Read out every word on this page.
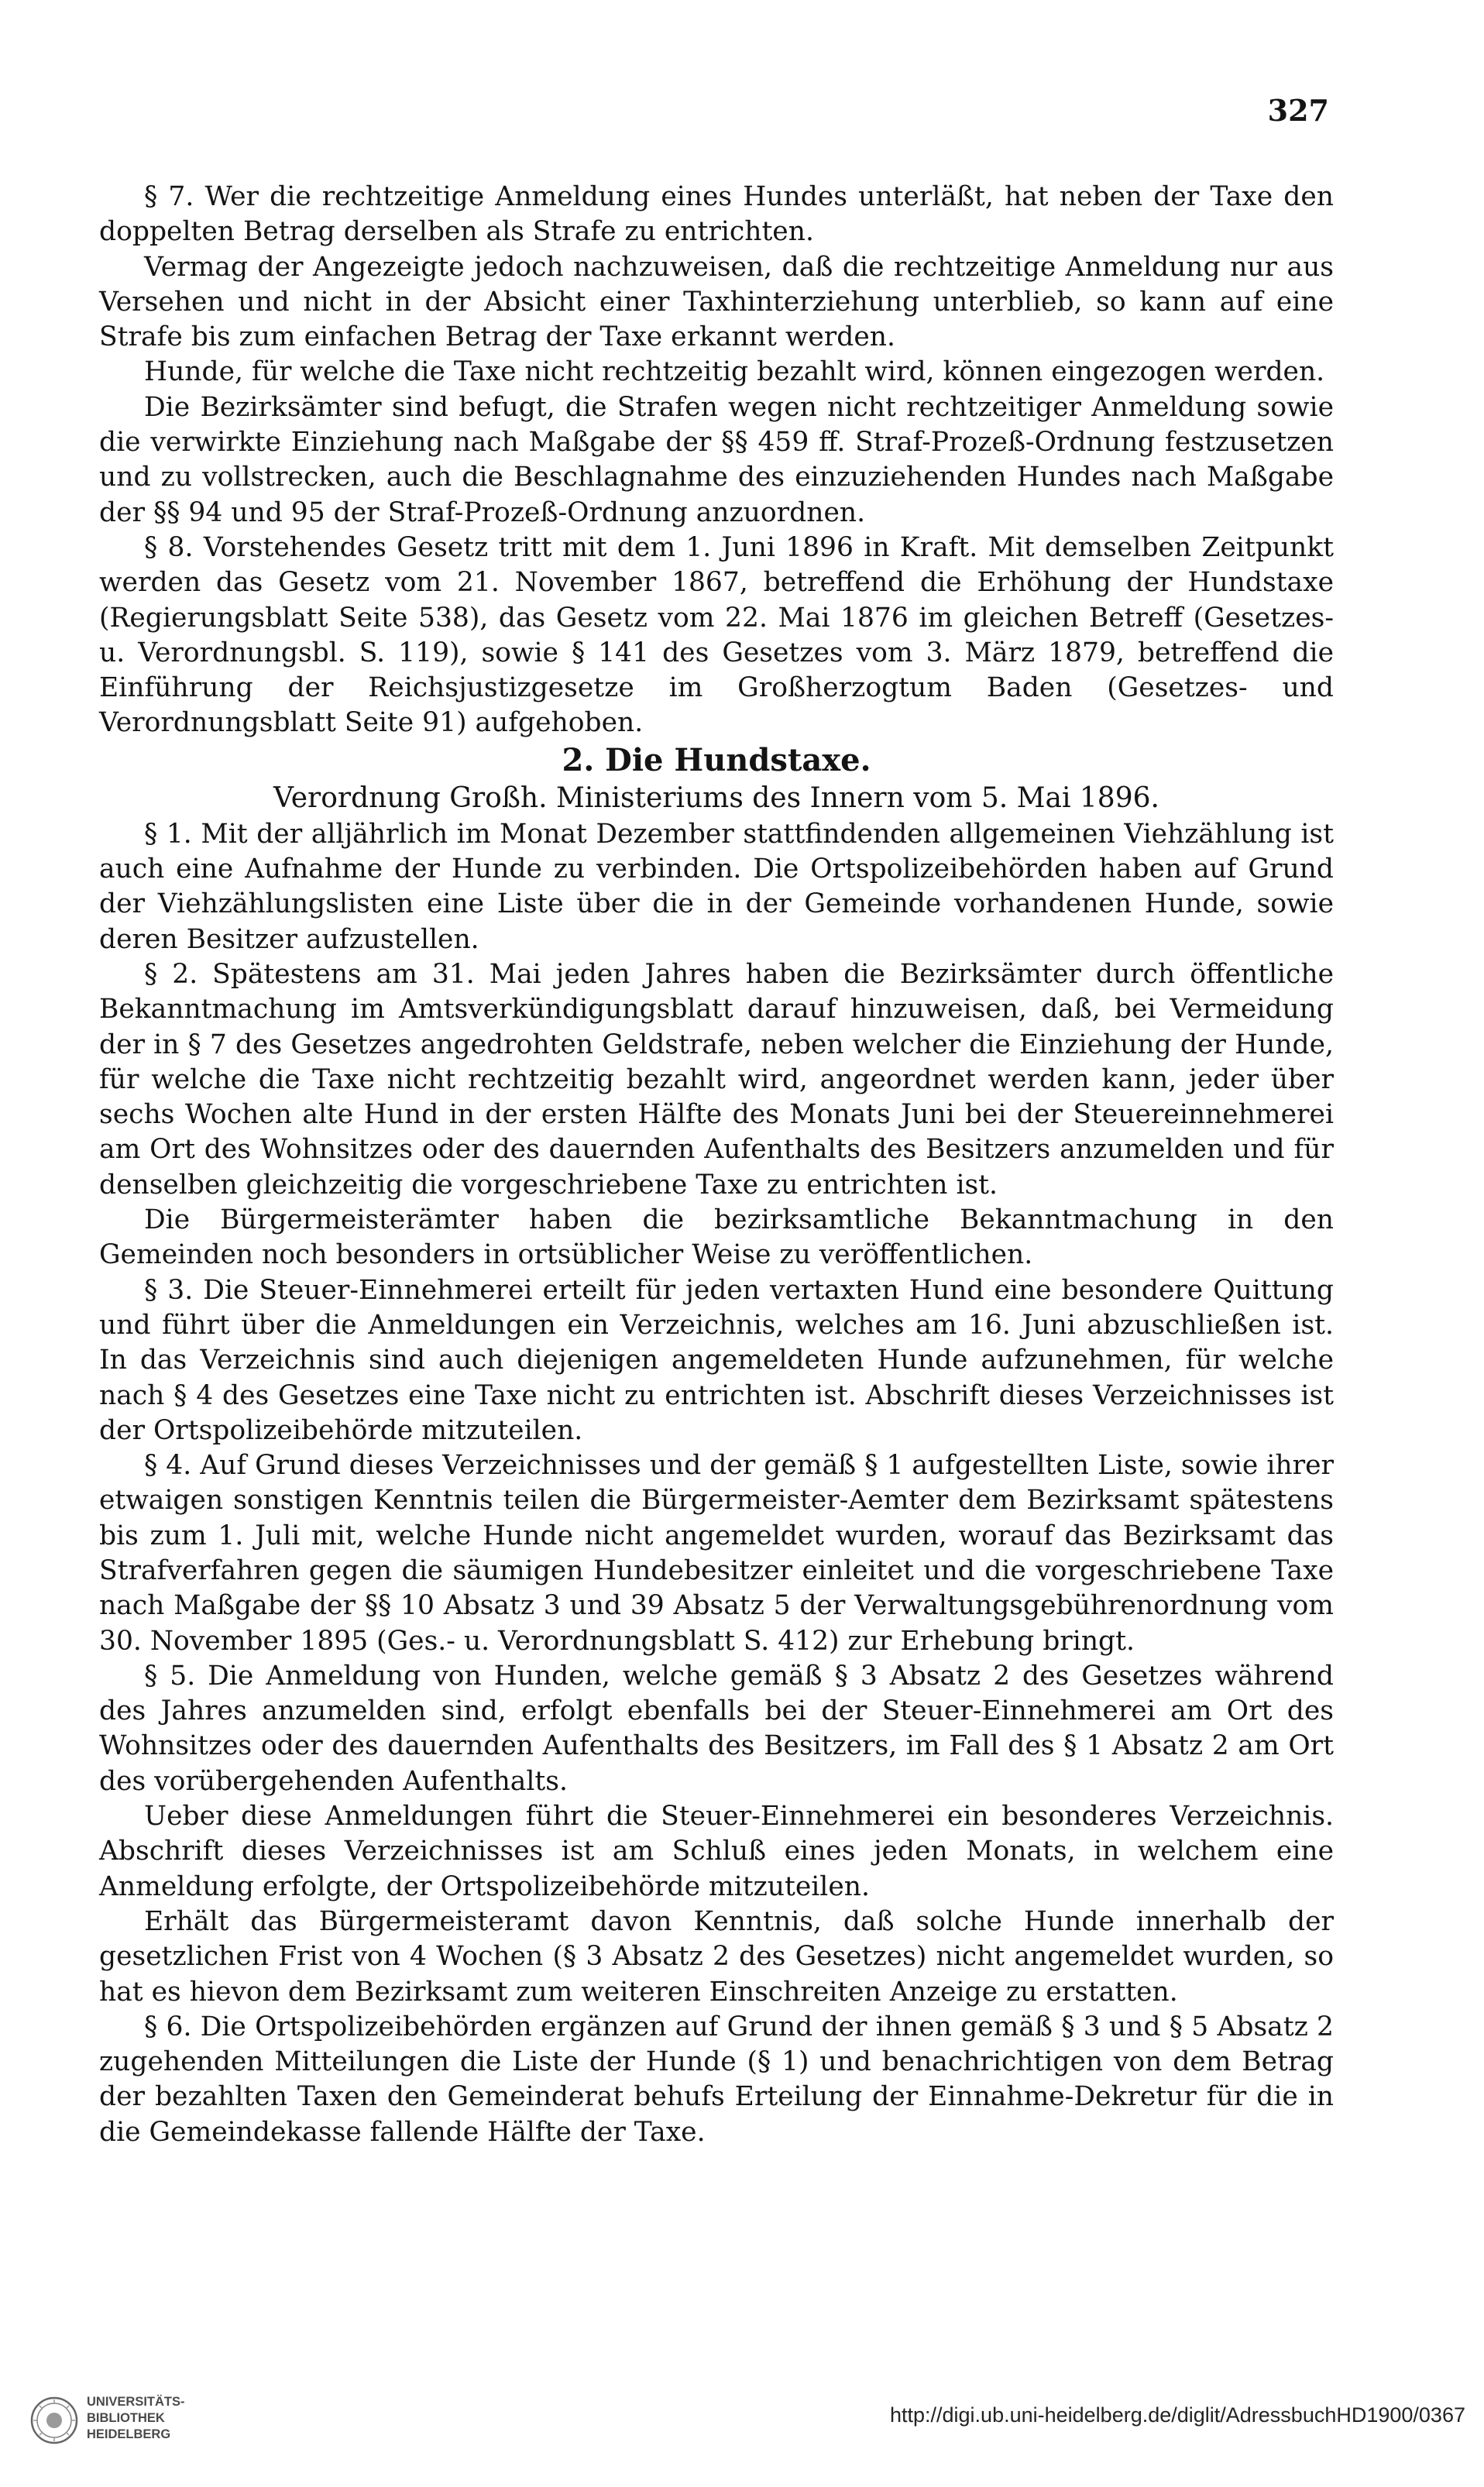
327

§ 7. Wer die rechtzeitige Anmeldung eines Hundes unterläßt, hat neben der Taxe den doppelten Betrag derselben als Strafe zu entrichten.

Vermag der Angezeigte jedoch nachzuweisen, daß die rechtzeitige Anmeldung nur aus Versehen und nicht in der Absicht einer Taxhinterziehung unterblieb, so kann auf eine Strafe bis zum einfachen Betrag der Taxe erkannt werden.

Hunde, für welche die Taxe nicht rechtzeitig bezahlt wird, können eingezogen werden.

Die Bezirksämter sind befugt, die Strafen wegen nicht rechtzeitiger Anmeldung sowie die verwirkte Einziehung nach Maßgabe der §§ 459 ff. Straf-Prozeß-Ordnung festzusetzen und zu vollstrecken, auch die Beschlagnahme des einzuziehenden Hundes nach Maßgabe der §§ 94 und 95 der Straf-Prozeß-Ordnung anzuordnen.

§ 8. Vorstehendes Gesetz tritt mit dem 1. Juni 1896 in Kraft. Mit demselben Zeitpunkt werden das Gesetz vom 21. November 1867, betreffend die Erhöhung der Hundstaxe (Regierungsblatt Seite 538), das Gesetz vom 22. Mai 1876 im gleichen Betreff (Gesetzes- u. Verordnungsbl. S. 119), sowie § 141 des Gesetzes vom 3. März 1879, betreffend die Einführung der Reichsjustizgesetze im Großherzogtum Baden (Gesetzes- und Verordnungsblatt Seite 91) aufgehoben.

2. Die Hundstaxe.

Verordnung Großh. Ministeriums des Innern vom 5. Mai 1896.

§ 1. Mit der alljährlich im Monat Dezember stattfindenden allgemeinen Viehzählung ist auch eine Aufnahme der Hunde zu verbinden. Die Ortspolizeibehörden haben auf Grund der Viehzählungslisten eine Liste über die in der Gemeinde vorhandenen Hunde, sowie deren Besitzer aufzustellen.

§ 2. Spätestens am 31. Mai jeden Jahres haben die Bezirksämter durch öffentliche Bekanntmachung im Amtsverkündigungsblatt darauf hinzuweisen, daß, bei Vermeidung der in § 7 des Gesetzes angedrohten Geldstrafe, neben welcher die Einziehung der Hunde, für welche die Taxe nicht rechtzeitig bezahlt wird, angeordnet werden kann, jeder über sechs Wochen alte Hund in der ersten Hälfte des Monats Juni bei der Steuereinnehmerei am Ort des Wohnsitzes oder des dauernden Aufenthalts des Besitzers anzumelden und für denselben gleichzeitig die vorgeschriebene Taxe zu entrichten ist.

Die Bürgermeisterämter haben die bezirksamtliche Bekanntmachung in den Gemeinden noch besonders in ortsüblicher Weise zu veröffentlichen.

§ 3. Die Steuer-Einnehmerei erteilt für jeden vertaxten Hund eine besondere Quittung und führt über die Anmeldungen ein Verzeichnis, welches am 16. Juni abzuschließen ist. In das Verzeichnis sind auch diejenigen angemeldeten Hunde aufzunehmen, für welche nach § 4 des Gesetzes eine Taxe nicht zu entrichten ist. Abschrift dieses Verzeichnisses ist der Ortspolizeibehörde mitzuteilen.

§ 4. Auf Grund dieses Verzeichnisses und der gemäß § 1 aufgestellten Liste, sowie ihrer etwaigen sonstigen Kenntnis teilen die Bürgermeister-Aemter dem Bezirksamt spätestens bis zum 1. Juli mit, welche Hunde nicht angemeldet wurden, worauf das Bezirksamt das Strafverfahren gegen die säumigen Hundebesitzer einleitet und die vorgeschriebene Taxe nach Maßgabe der §§ 10 Absatz 3 und 39 Absatz 5 der Verwaltungsgebührenordnung vom 30. November 1895 (Ges.- u. Verordnungsblatt S. 412) zur Erhebung bringt.

§ 5. Die Anmeldung von Hunden, welche gemäß § 3 Absatz 2 des Gesetzes während des Jahres anzumelden sind, erfolgt ebenfalls bei der Steuer-Einnehmerei am Ort des Wohnsitzes oder des dauernden Aufenthalts des Besitzers, im Fall des § 1 Absatz 2 am Ort des vorübergehenden Aufenthalts.

Ueber diese Anmeldungen führt die Steuer-Einnehmerei ein besonderes Verzeichnis. Abschrift dieses Verzeichnisses ist am Schluß eines jeden Monats, in welchem eine Anmeldung erfolgte, der Ortspolizeibehörde mitzuteilen.

Erhält das Bürgermeisteramt davon Kenntnis, daß solche Hunde innerhalb der gesetzlichen Frist von 4 Wochen (§ 3 Absatz 2 des Gesetzes) nicht angemeldet wurden, so hat es hievon dem Bezirksamt zum weiteren Einschreiten Anzeige zu erstatten.

§ 6. Die Ortspolizeibehörden ergänzen auf Grund der ihnen gemäß § 3 und § 5 Absatz 2 zugehenden Mitteilungen die Liste der Hunde (§ 1) und benachrichtigen von dem Betrag der bezahlten Taxen den Gemeinderat behufs Erteilung der Einnahme-Dekretur für die in die Gemeindekasse fallende Hälfte der Taxe.

UNIVERSITÄTS-
BIBLIOTHEK
HEIDELBERG
http://digi.ub.uni-heidelberg.de/diglit/AdressbuchHD1900/0367
